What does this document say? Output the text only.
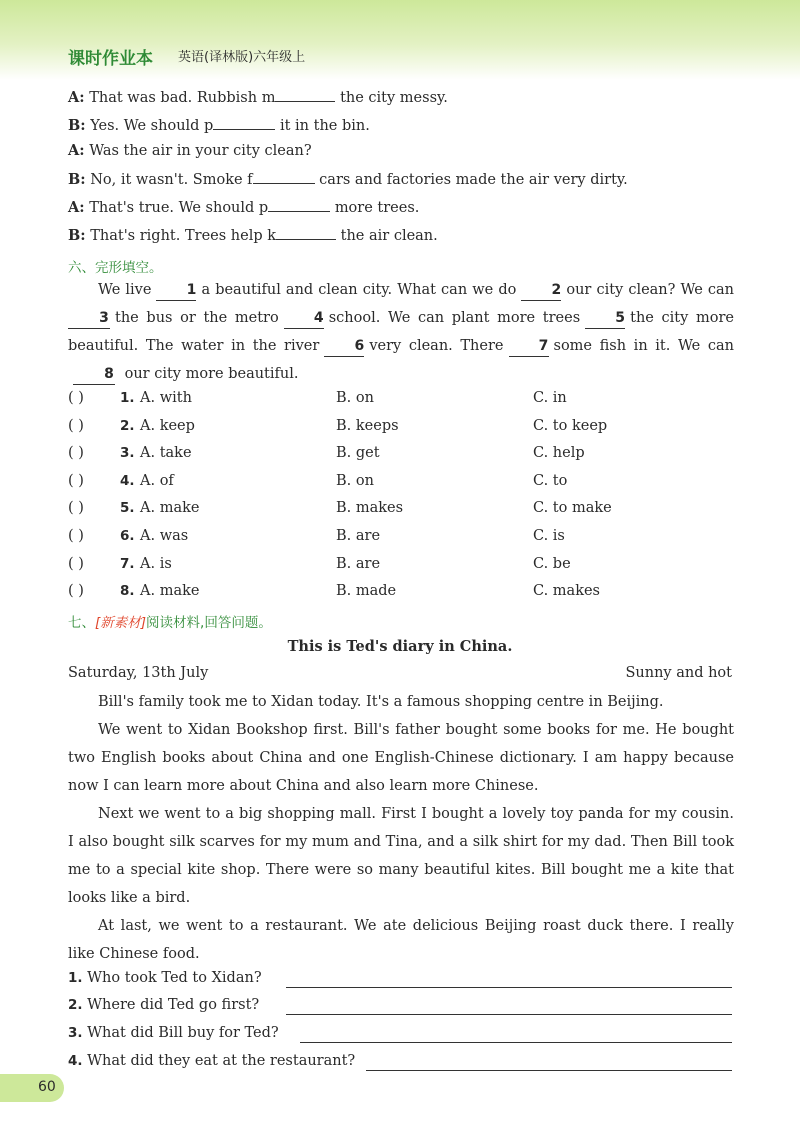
课时作业本 英语(译林版)六年级上
A: That was bad. Rubbish m	the city messy.
B: Yes. We should p	it in the bin.
A: Was the air in your city clean?
B: No, it wasn't. Smoke f	cars and factories made the air very dirty.
A: That's true. We should p	more trees.
B: That's right. Trees help k	the air clean.
六、完形填空。

We live	1 a beautiful and clean city. What can we do	2 our city clean? We can 3 the bus or the metro	4 school. We can plant more trees	5 the city more beautiful. The water in the river	6 very clean. There	7 some fish in it. We can8 our city more beautiful.

( )	1. A. with	B. on	C. in
( )	2. A. keep	B. keeps	C. to keep
( )	3. A. take	B. get	C. help
( )	4. A. of	B. on	C. to
( )	5. A. make	B. makes	C. to make
( )	6. A. was	B. are	C. is
( )	7. A. is	B. are	C. be
( )	8. A. make	B. made	C. makes
七、[新素材]阅读材料,回答问题。
This is Ted's diary in China.
Saturday, 13th July	Sunny and hot

Bill's family took me to Xidan today. It's a famous shopping centre in Beijing.

We went to Xidan Bookshop first. Bill's father bought some books for me. He bought two English books about China and one English-Chinese dictionary. I am happy because now I can learn more about China and also learn more Chinese.

Next we went to a big shopping mall. First I bought a lovely toy panda for my cousin. I also bought silk scarves for my mum and Tina, and a silk shirt for my dad. Then Bill took me to a special kite shop. There were so many beautiful kites. Bill bought me a kite that looks like a bird.

At last, we went to a restaurant. We ate delicious Beijing roast duck there. I really like Chinese food.

1. Who took Ted to Xidan?
2. Where did Ted go first?
3. What did Bill buy for Ted?
4. What did they eat at the restaurant?
60
